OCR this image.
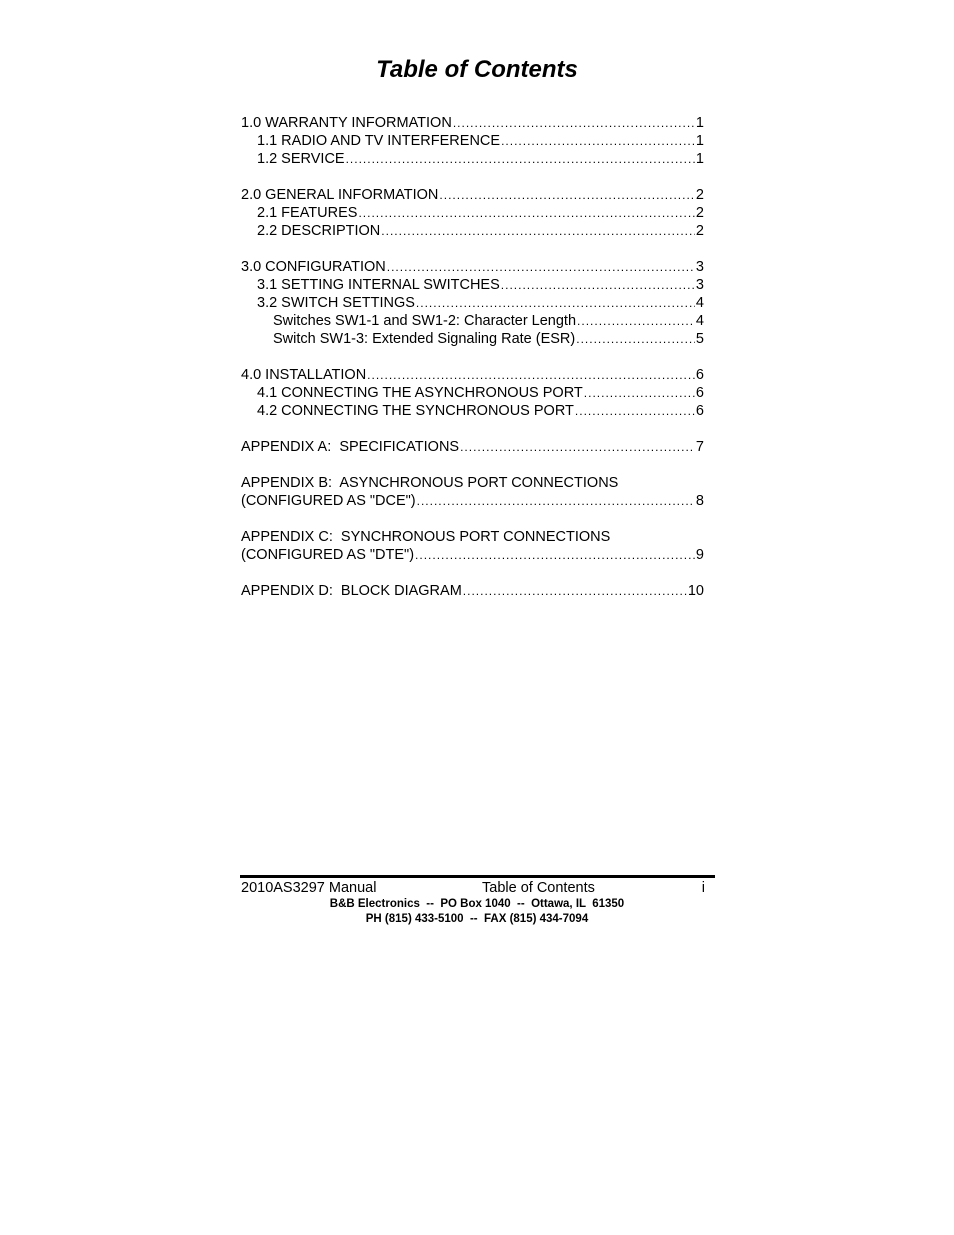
Table of Contents
1.0 WARRANTY INFORMATION .....	1
1.1 RADIO AND TV INTERFERENCE .....	1
1.2 SERVICE .....	1
2.0 GENERAL INFORMATION .....	2
2.1 FEATURES .....	2
2.2 DESCRIPTION .....	2
3.0 CONFIGURATION .....	3
3.1 SETTING INTERNAL SWITCHES .....	3
3.2 SWITCH SETTINGS .....	4
Switches SW1-1 and SW1-2: Character Length .....	4
Switch SW1-3: Extended Signaling Rate (ESR) .....	5
4.0 INSTALLATION .....	6
4.1 CONNECTING THE ASYNCHRONOUS PORT .....	6
4.2 CONNECTING THE SYNCHRONOUS PORT .....	6
APPENDIX A:  SPECIFICATIONS .....	7
APPENDIX B:  ASYNCHRONOUS PORT CONNECTIONS
(CONFIGURED AS "DCE") .....	8
APPENDIX C:  SYNCHRONOUS PORT CONNECTIONS
(CONFIGURED AS "DTE") .....	9
APPENDIX D:  BLOCK DIAGRAM .....	10
2010AS3297 Manual	Table of Contents	i
B&B Electronics  --  PO Box 1040  --  Ottawa, IL  61350
PH (815) 433-5100  --  FAX (815) 434-7094
